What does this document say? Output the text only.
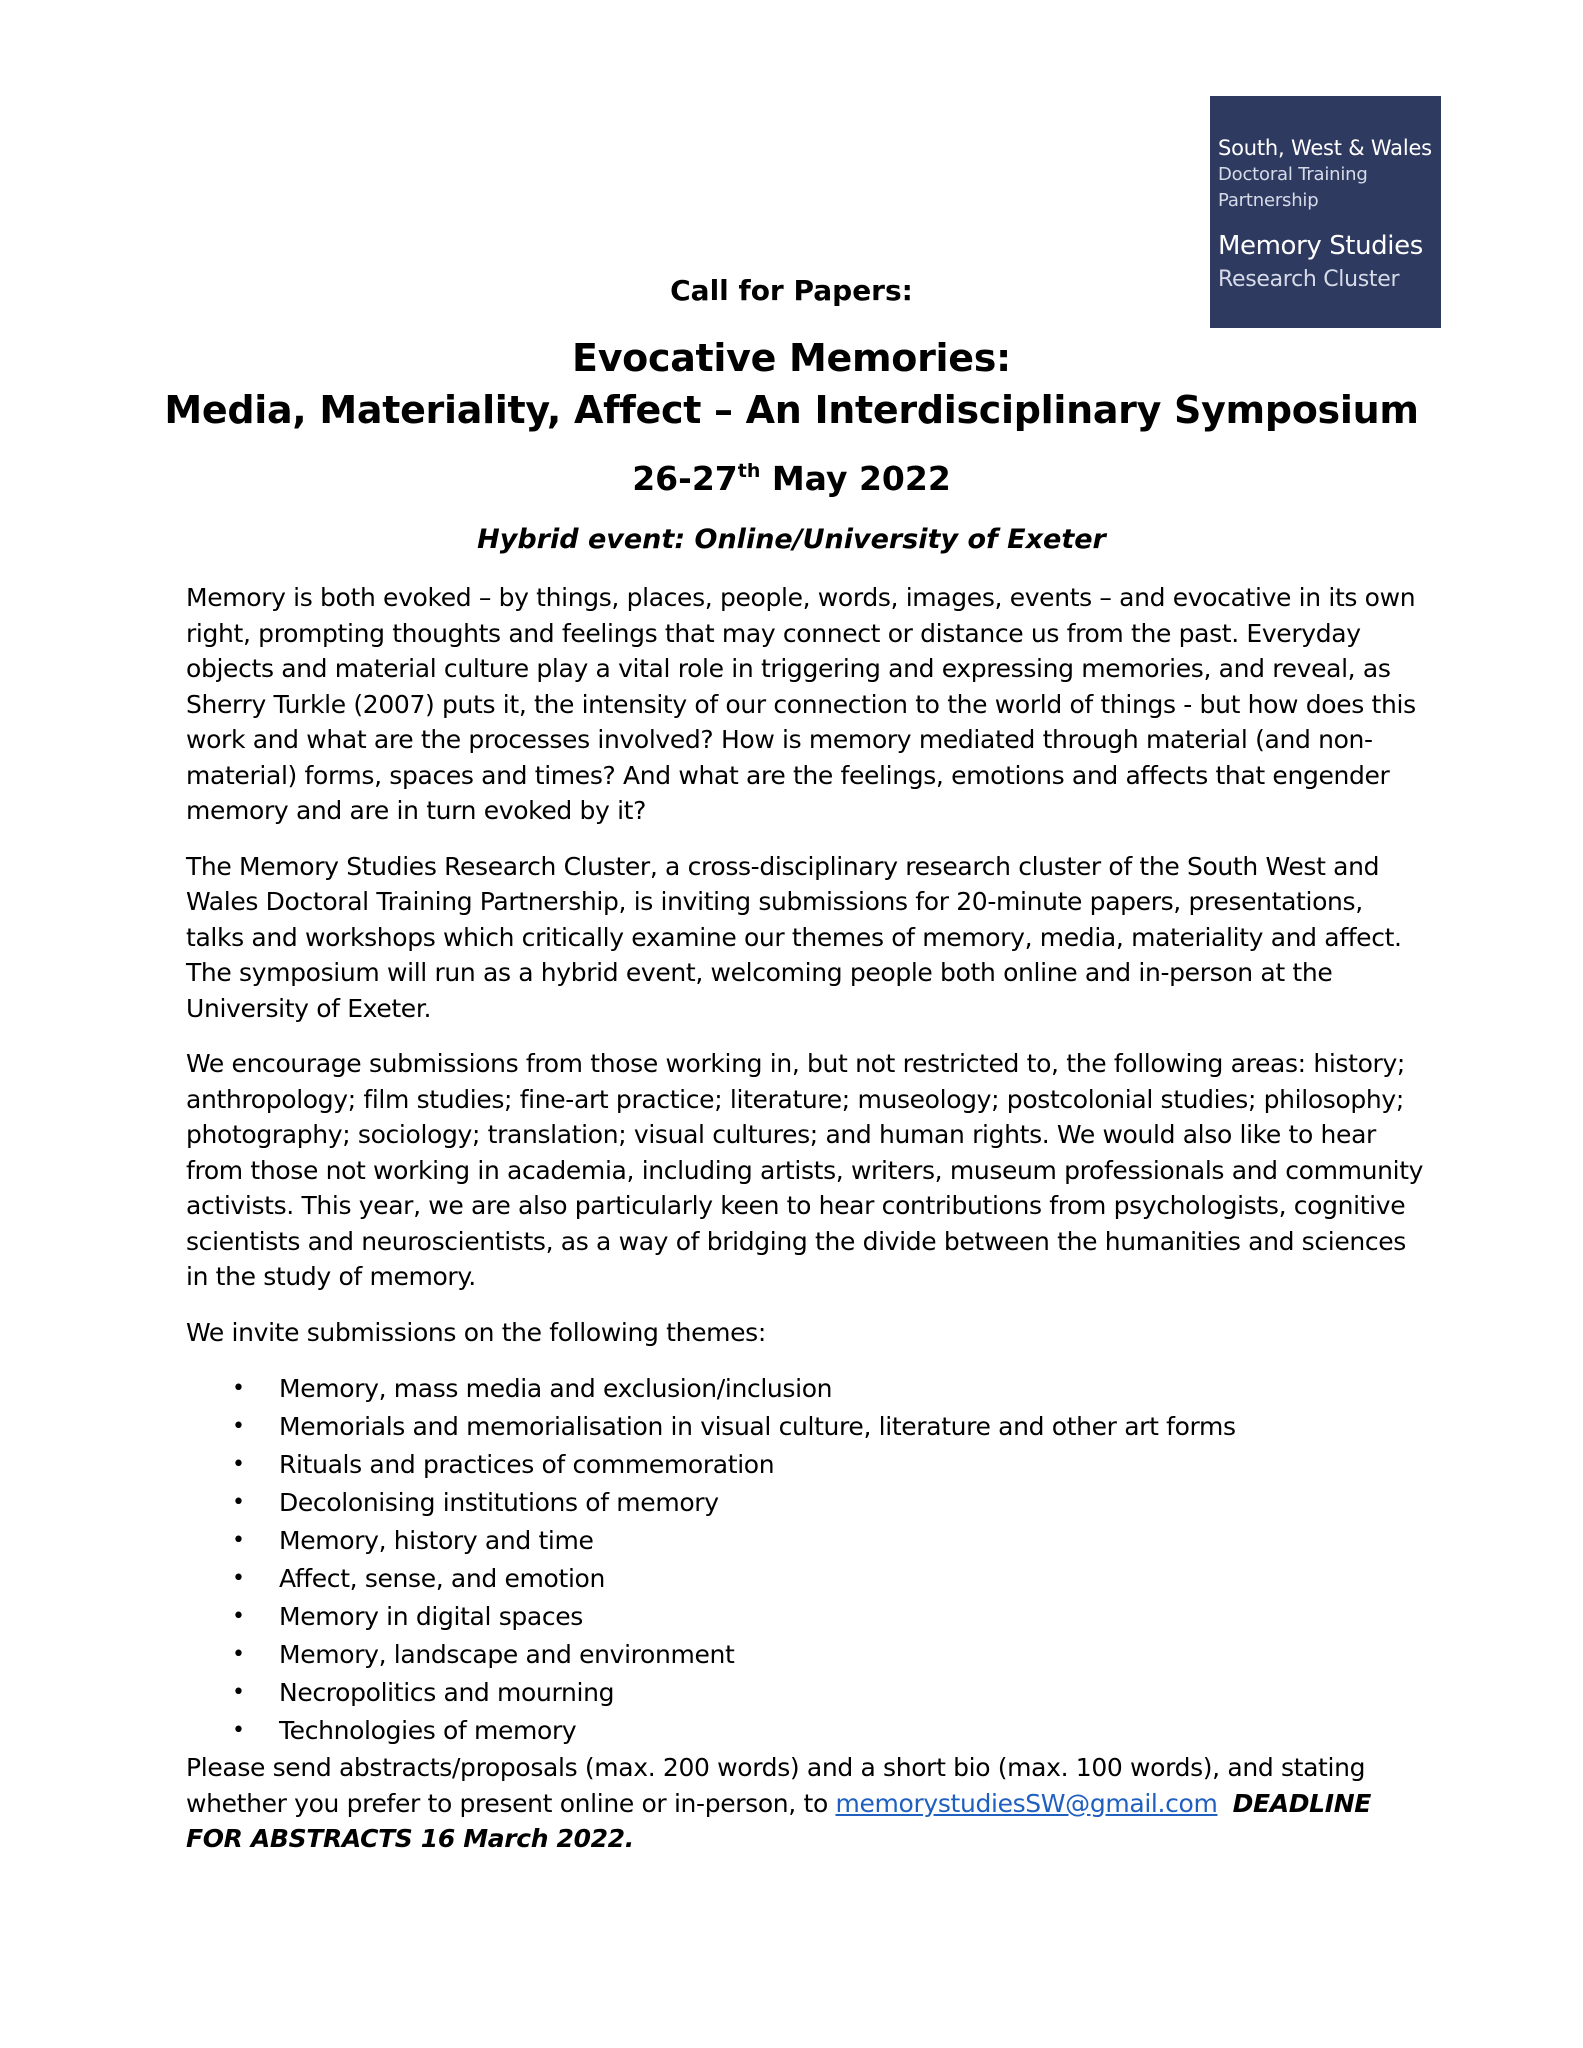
South, West & Wales
Doctoral Training
Partnership
Memory Studies
Research Cluster
Call for Papers:
Evocative Memories:
Media, Materiality, Affect – An Interdisciplinary Symposium
26-27th May 2022
Hybrid event: Online/University of Exeter

Memory is both evoked – by things, places, people, words, images, events – and evocative in its own right, prompting thoughts and feelings that may connect or distance us from the past. Everyday objects and material culture play a vital role in triggering and expressing memories, and reveal, as Sherry Turkle (2007) puts it, the intensity of our connection to the world of things - but how does this work and what are the processes involved? How is memory mediated through material (and non-material) forms, spaces and times? And what are the feelings, emotions and affects that engender memory and are in turn evoked by it?

The Memory Studies Research Cluster, a cross-disciplinary research cluster of the South West and Wales Doctoral Training Partnership, is inviting submissions for 20-minute papers, presentations, talks and workshops which critically examine our themes of memory, media, materiality and affect. The symposium will run as a hybrid event, welcoming people both online and in-person at the University of Exeter.

We encourage submissions from those working in, but not restricted to, the following areas: history; anthropology; film studies; fine-art practice; literature; museology; postcolonial studies; philosophy; photography; sociology; translation; visual cultures; and human rights. We would also like to hear from those not working in academia, including artists, writers, museum professionals and community activists. This year, we are also particularly keen to hear contributions from psychologists, cognitive scientists and neuroscientists, as a way of bridging the divide between the humanities and sciences in the study of memory.

We invite submissions on the following themes:
• Memory, mass media and exclusion/inclusion
• Memorials and memorialisation in visual culture, literature and other art forms
• Rituals and practices of commemoration
• Decolonising institutions of memory
• Memory, history and time
• Affect, sense, and emotion
• Memory in digital spaces
• Memory, landscape and environment
• Necropolitics and mourning
• Technologies of memory

Please send abstracts/proposals (max. 200 words) and a short bio (max. 100 words), and stating whether you prefer to present online or in-person, to memorystudiesSW@gmail.com DEADLINE FOR ABSTRACTS 16 March 2022.
